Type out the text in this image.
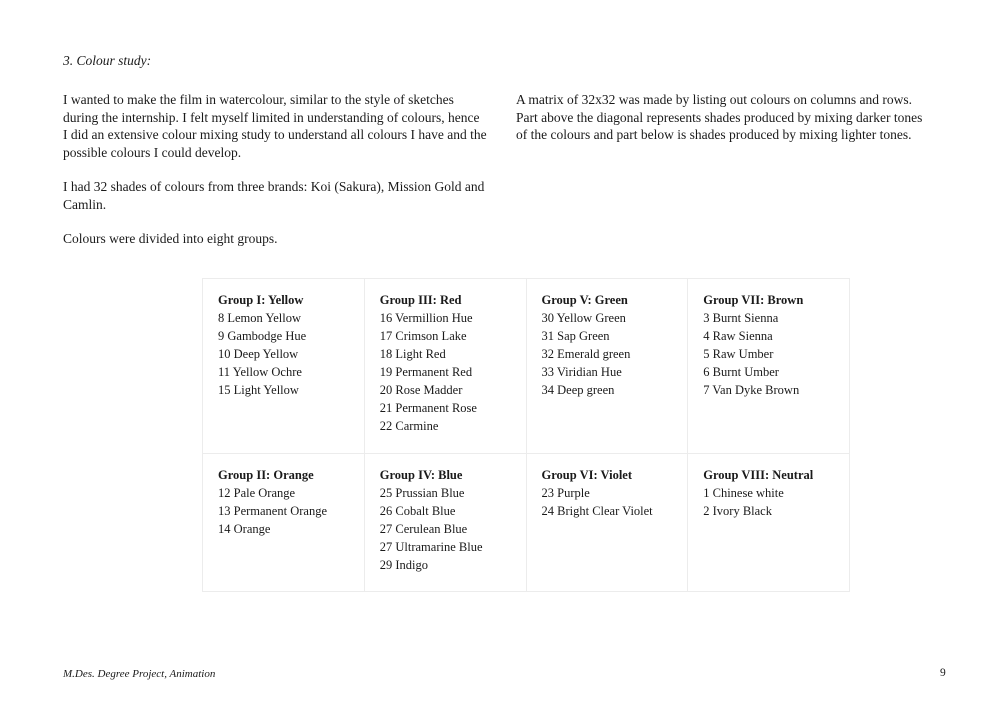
3. Colour study:

I wanted to make the film in watercolour, similar to the style of sketches during the internship. I felt myself limited in understanding of colours, hence I did an extensive colour mixing study to understand all colours I have and the possible colours I could develop.

I had 32 shades of colours from three brands: Koi (Sakura), Mission Gold and Camlin.

Colours were divided into eight groups.

A matrix of 32x32 was made by listing out colours on columns and rows. Part above the diagonal represents shades produced by mixing darker tones of the colours and part below is shades produced by mixing lighter tones.

Group I: Yellow
8 Lemon Yellow
9 Gambodge Hue
10 Deep Yellow
11 Yellow Ochre
15 Light Yellow

Group III: Red
16 Vermillion Hue
17 Crimson Lake
18 Light Red
19 Permanent Red
20 Rose Madder
21 Permanent Rose
22 Carmine

Group V: Green
30 Yellow Green
31 Sap Green
32 Emerald green
33 Viridian Hue
34 Deep green

Group VII: Brown
3 Burnt Sienna
4 Raw Sienna
5 Raw Umber
6 Burnt Umber
7 Van Dyke Brown

Group II: Orange
12 Pale Orange
13 Permanent Orange
14 Orange

Group IV: Blue
25 Prussian Blue
26 Cobalt Blue
27 Cerulean Blue
27 Ultramarine Blue
29 Indigo

Group VI: Violet
23 Purple
24 Bright Clear Violet

Group VIII: Neutral
1 Chinese white
2 Ivory Black
M.Des. Degree Project, Animation	9
